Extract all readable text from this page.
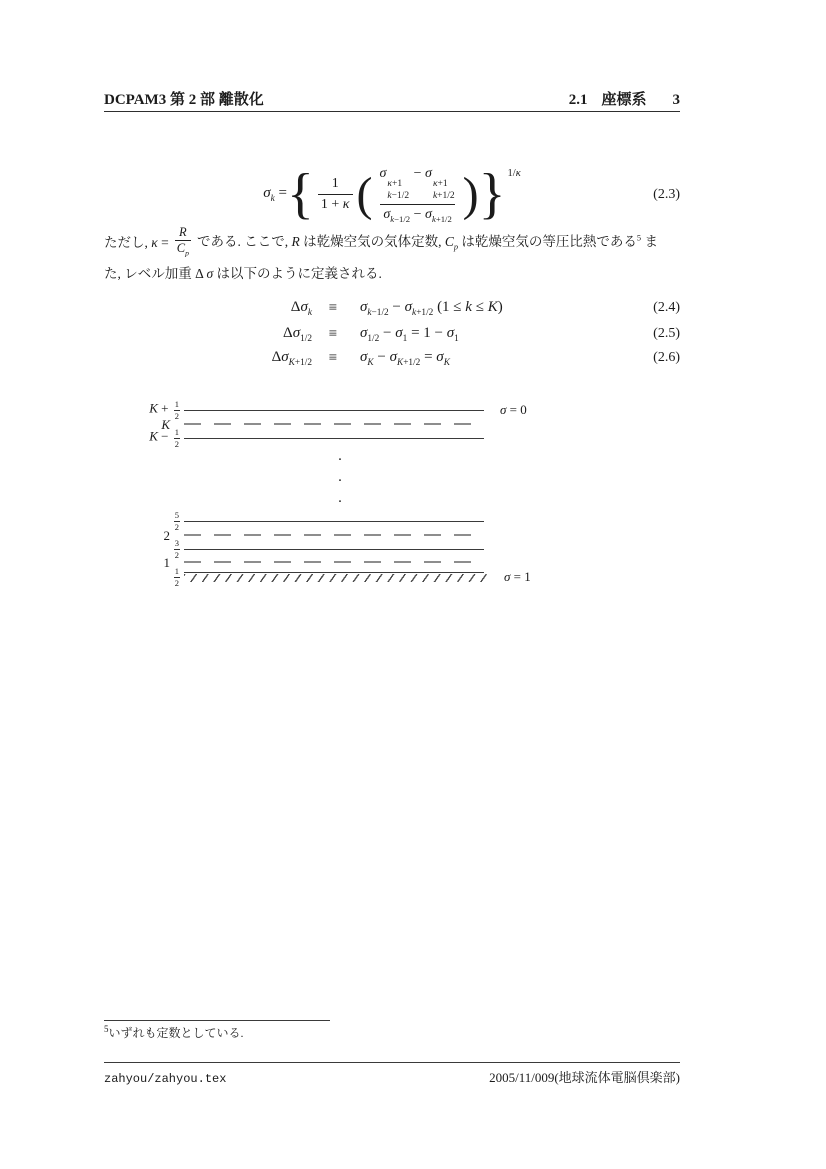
DCPAM3 第 2 部 離散化	2.1 座標系 3
$\sigma_k$ = { $\frac{1}{1 + \kappa}$ ( σ
κ+1
k−1/2
− σ
κ+1
k+1/2
$\sigma_{k-1/2} - \sigma_{k+1/2}$ ) } 1/κ
(2.3)
ただし, $\kappa = \frac{R}{C_p}$ である. ここで, R は乾燥空気の気体定数, $C_p$ は乾燥空気の等圧比熱である$^5$ ま
た, レベル加重 Δ σ は以下のように定義される.
$\Delta\sigma_k$	≡	$\sigma_{k-1/2} - \sigma_{k+1/2}$ (1 ≤ k ≤ K)	(2.4)
$\Delta\sigma_{1/2}$	≡	$\sigma_{1/2} - \sigma_1 = 1 - \sigma_1$	(2.5)
$\Delta\sigma_{K+1/2}$	≡	$\sigma_K - \sigma_{K+1/2} = \sigma_K$	(2.6)
$K + \frac{1}{2}$	σ = 0
K
$K - \frac{1}{2}$
·
·
·
$\frac{5}{2}$
2
$\frac{3}{2}$
1
$\frac{1}{2}$	σ = 1
$^5$いずれも定数としている.
zahyou/zahyou.tex	2005/11/009(地球流体電脳倶楽部)
